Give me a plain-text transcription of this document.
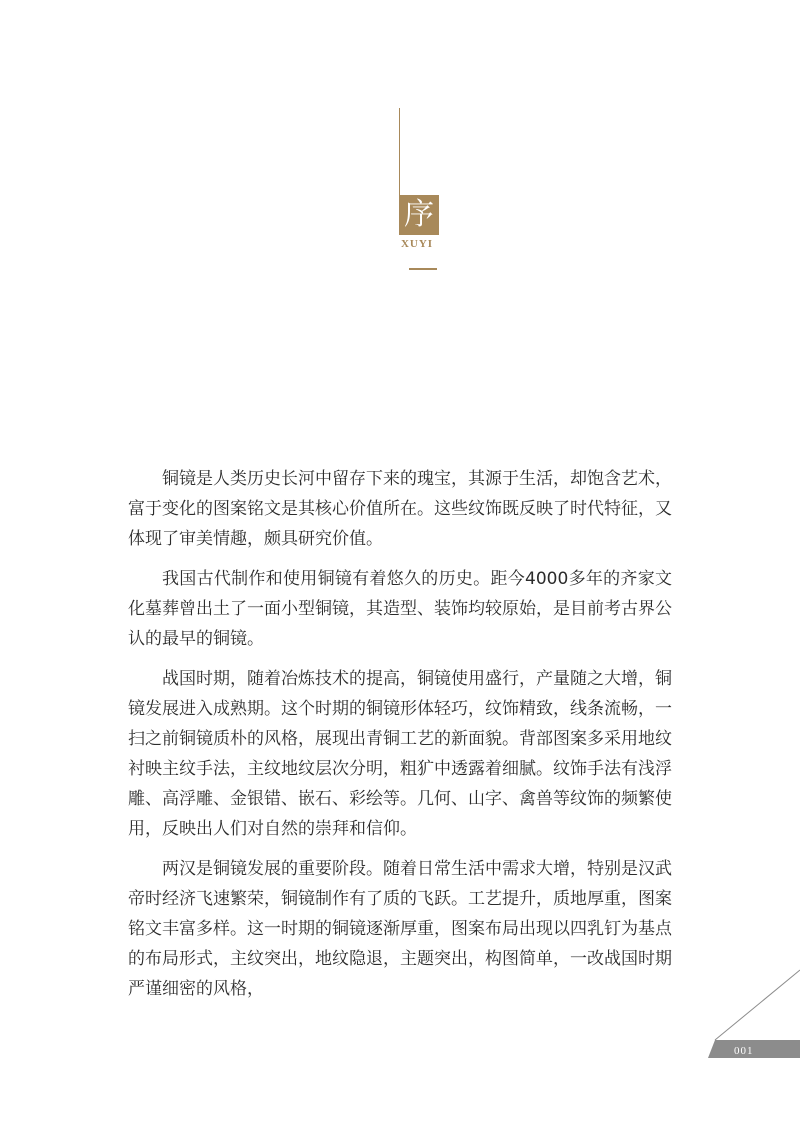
序
XUYI

铜镜是人类历史长河中留存下来的瑰宝，其源于生活，却饱含艺术，富于变化的图案铭文是其核心价值所在。这些纹饰既反映了时代特征，又体现了审美情趣，颇具研究价值。

我国古代制作和使用铜镜有着悠久的历史。距今4000多年的齐家文化墓葬曾出土了一面小型铜镜，其造型、装饰均较原始，是目前考古界公认的最早的铜镜。

战国时期，随着冶炼技术的提高，铜镜使用盛行，产量随之大增，铜镜发展进入成熟期。这个时期的铜镜形体轻巧，纹饰精致，线条流畅，一扫之前铜镜质朴的风格，展现出青铜工艺的新面貌。背部图案多采用地纹衬映主纹手法，主纹地纹层次分明，粗犷中透露着细腻。纹饰手法有浅浮雕、高浮雕、金银错、嵌石、彩绘等。几何、山字、禽兽等纹饰的频繁使用，反映出人们对自然的崇拜和信仰。

两汉是铜镜发展的重要阶段。随着日常生活中需求大增，特别是汉武帝时经济飞速繁荣，铜镜制作有了质的飞跃。工艺提升，质地厚重，图案铭文丰富多样。这一时期的铜镜逐渐厚重，图案布局出现以四乳钉为基点的布局形式，主纹突出，地纹隐退，主题突出，构图简单，一改战国时期严谨细密的风格，

001
